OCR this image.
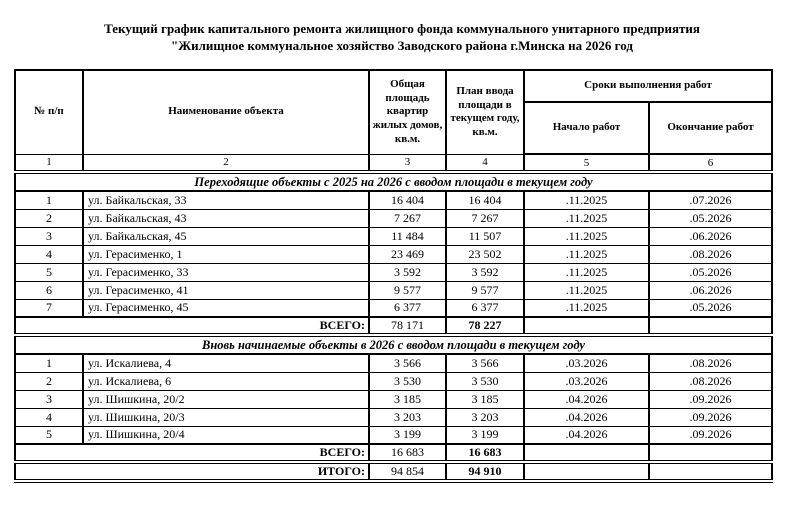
Текущий график капитального ремонта жилищного фонда коммунального унитарного предприятия
"Жилищное коммунальное хозяйство Заводского района г.Минска на 2026 год
№ п/п	Наименование объекта	Общая площадь квартир жилых домов, кв.м.	План ввода площади в текущем году, кв.м.	Сроки выполнения работ	
				Начало работ	Окончание работ
1	2	3	4	5	6
Переходящие объекты с 2025 на 2026 с вводом площади в текущем году					
1	ул. Байкальская, 33	16 404	16 404	.11.2025	.07.2026
2	ул. Байкальская, 43	7 267	7 267	.11.2025	.05.2026
3	ул. Байкальская, 45	11 484	11 507	.11.2025	.06.2026
4	ул. Герасименко, 1	23 469	23 502	.11.2025	.08.2026
5	ул. Герасименко, 33	3 592	3 592	.11.2025	.05.2026
6	ул. Герасименко, 41	9 577	9 577	.11.2025	.06.2026
7	ул. Герасименко, 45	6 377	6 377	.11.2025	.05.2026
ВСЕГО:		78 171	78 227		
Вновь начинаемые объекты в 2026 с вводом площади в текущем году					
1	ул. Искалиева, 4	3 566	3 566	.03.2026	.08.2026
2	ул. Искалиева, 6	3 530	3 530	.03.2026	.08.2026
3	ул. Шишкина, 20/2	3 185	3 185	.04.2026	.09.2026
4	ул. Шишкина, 20/3	3 203	3 203	.04.2026	.09.2026
5	ул. Шишкина, 20/4	3 199	3 199	.04.2026	.09.2026
ВСЕГО:		16 683	16 683		
ИТОГО:		94 854	94 910		
